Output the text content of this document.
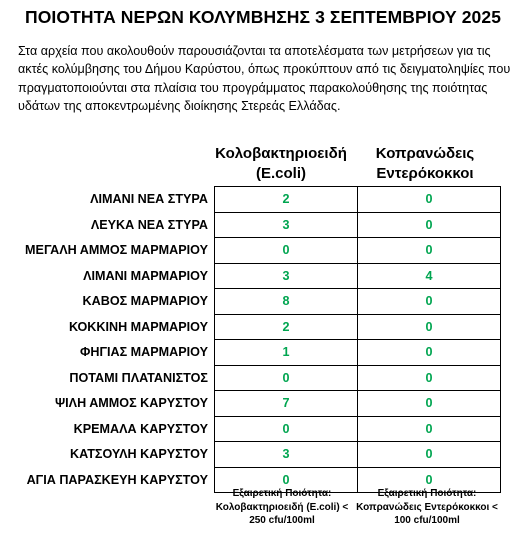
ΠΟΙΟΤΗΤΑ ΝΕΡΩΝ ΚΟΛΥΜΒΗΣΗΣ 3 ΣΕΠΤΕΜΒΡΙΟΥ 2025
Στα αρχεία που ακολουθούν παρουσιάζονται τα αποτελέσματα των μετρήσεων για τις ακτές κολύμβησης του Δήμου Καρύστου, όπως προκύπτουν από τις δειγματοληψίες που πραγματοποιούνται στα πλαίσια του προγράμματος παρακολούθησης της ποιότητας υδάτων της αποκεντρωμένης διοίκησης Στερεάς Ελλάδας.
Κολοβακτηριοειδή
(E.coli)
Κοπρανώδεις
Εντερόκοκκοι
ΛΙΜΑΝΙ ΝΕΑ ΣΤΥΡΑ	2	0
ΛΕΥΚΑ ΝΕΑ ΣΤΥΡΑ	3	0
ΜΕΓΑΛΗ ΑΜΜΟΣ ΜΑΡΜΑΡΙΟΥ	0	0
ΛΙΜΑΝΙ ΜΑΡΜΑΡΙΟΥ	3	4
ΚΑΒΟΣ ΜΑΡΜΑΡΙΟΥ	8	0
ΚΟΚΚΙΝΗ ΜΑΡΜΑΡΙΟΥ	2	0
ΦΗΓΙΑΣ ΜΑΡΜΑΡΙΟΥ	1	0
ΠΟΤΑΜΙ ΠΛΑΤΑΝΙΣΤΟΣ	0	0
ΨΙΛΗ ΑΜΜΟΣ ΚΑΡΥΣΤΟΥ	7	0
ΚΡΕΜΑΛΑ ΚΑΡΥΣΤΟΥ	0	0
ΚΑΤΣΟΥΛΗ ΚΑΡΥΣΤΟΥ	3	0
ΑΓΙΑ ΠΑΡΑΣΚΕΥΗ ΚΑΡΥΣΤΟΥ	0	0
Εξαιρετική Ποιότητα:
Κολοβακτηριοειδή (E.coli) <
250 cfu/100ml
Εξαιρετική Ποιότητα:
Κοπρανώδεις Εντερόκοκκοι <
100 cfu/100ml
